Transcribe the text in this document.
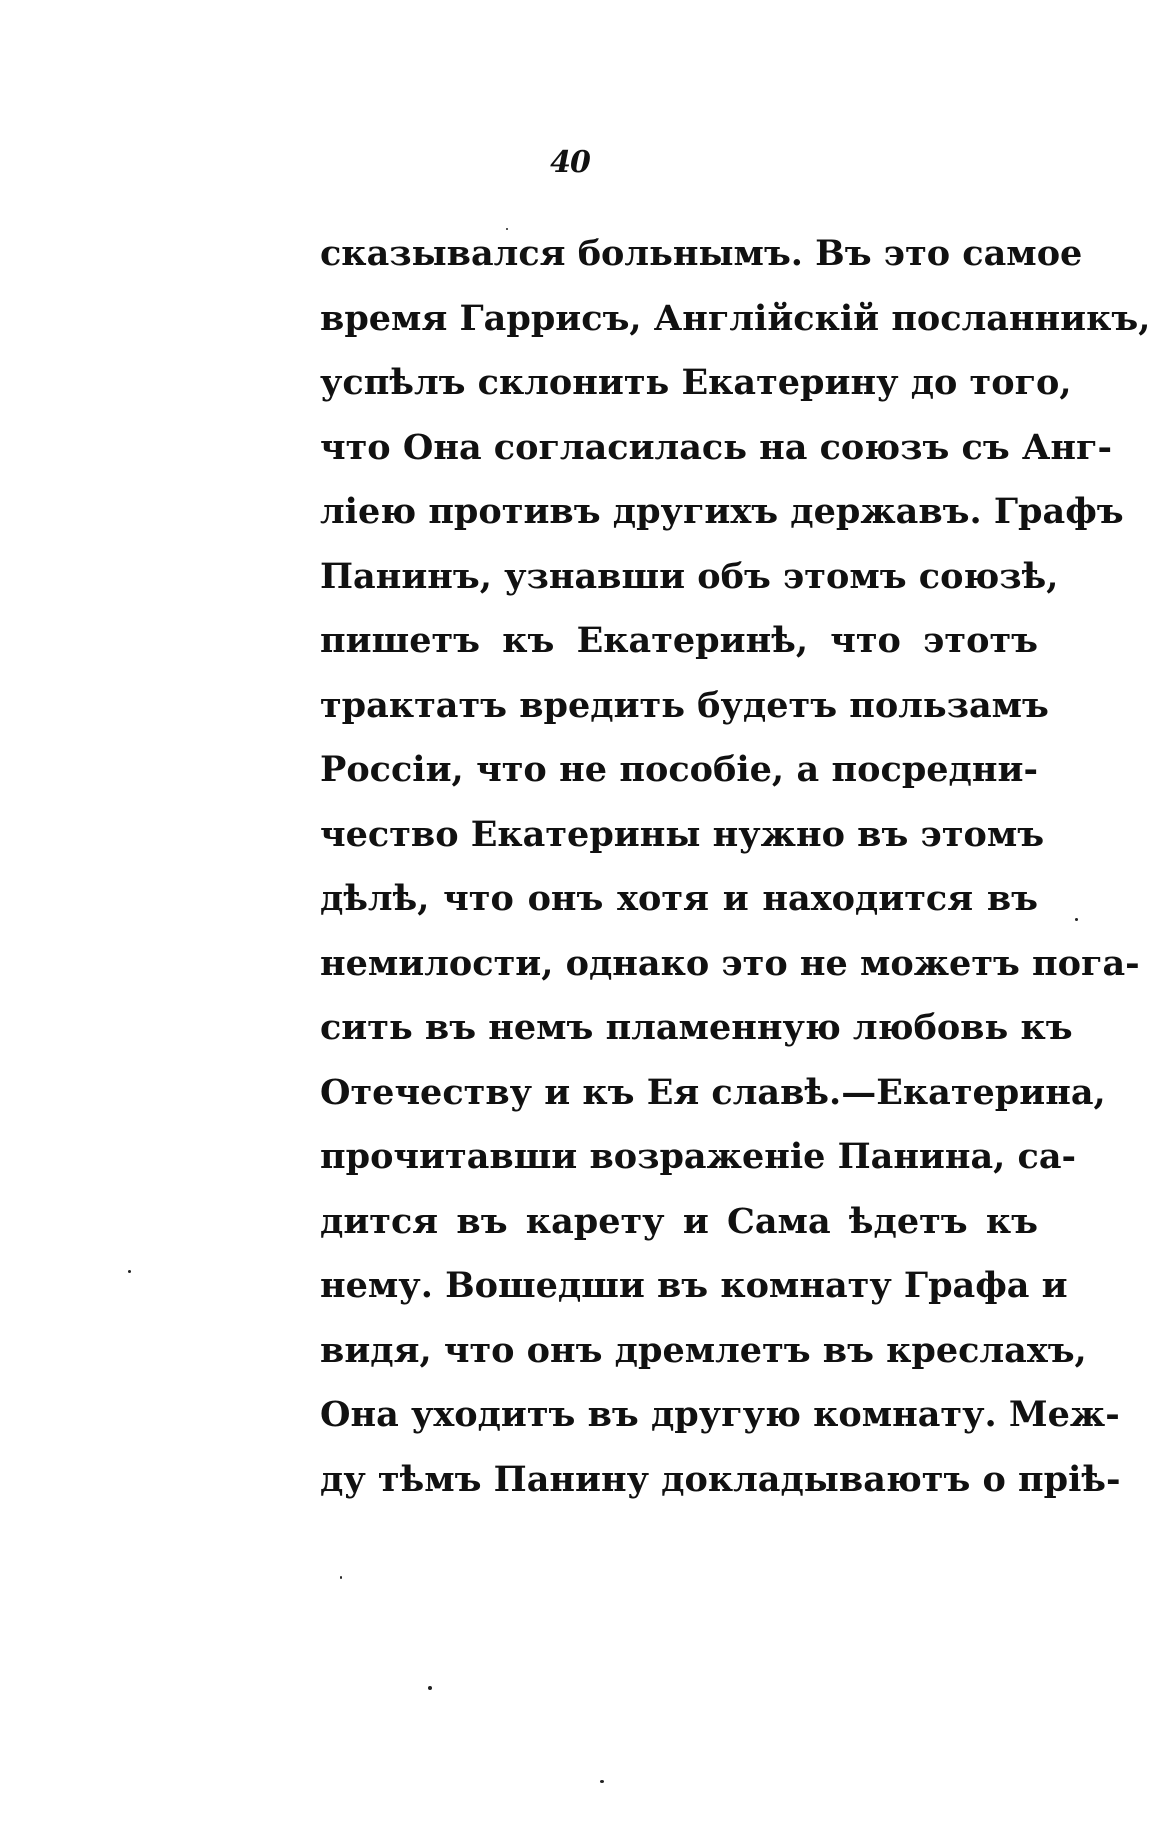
40
сказывался больнымъ. Въ это самое
время Гаррисъ, Англійскій посланникъ,
успѣлъ склонить Екатерину до того,
что Она согласилась на союзъ съ Анг-
ліею противъ другихъ державъ. Графъ
Панинъ, узнавши объ этомъ союзѣ,
пишетъ къ Екатеринѣ, что этотъ
трактатъ вредить будетъ пользамъ
Россіи, что не пособіе, а посредни-
чество Екатерины нужно въ этомъ
дѣлѣ, что онъ хотя и находится въ
немилости, однако это не можетъ пога-
сить въ немъ пламенную любовь къ
Отечеству и къ Ея славѣ.—Екатерина,
прочитавши возраженіе Панина, са-
дится въ карету и Сама ѣдетъ къ
нему. Вошедши въ комнату Графа и
видя, что онъ дремлетъ въ креслахъ,
Она уходитъ въ другую комнату. Меж-
ду тѣмъ Панину докладываютъ о пріѣ-
